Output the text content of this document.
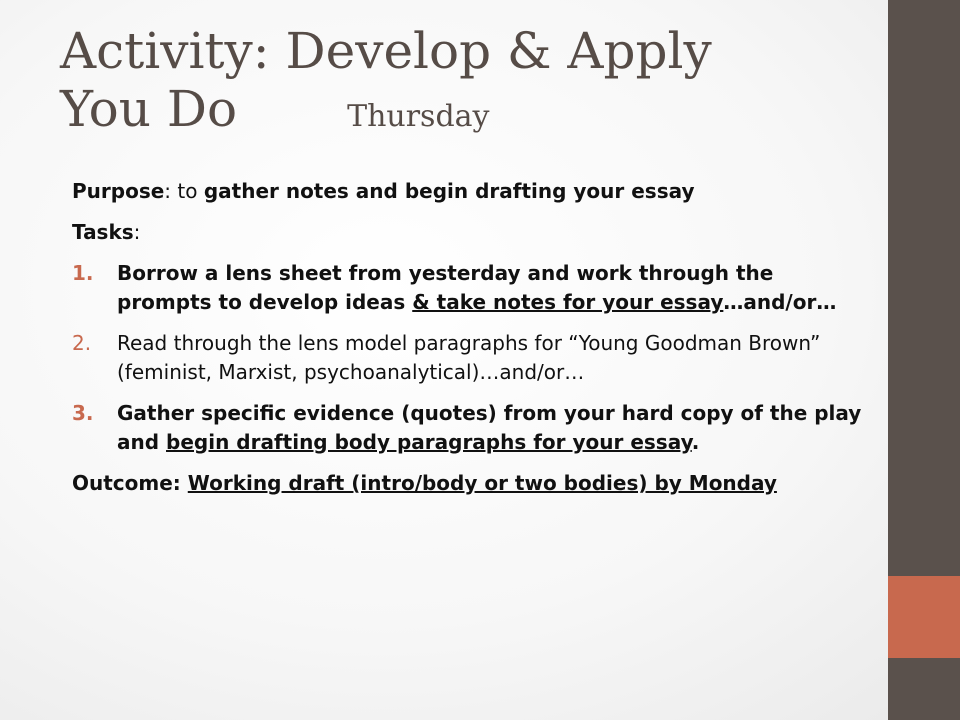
Activity: Develop & Apply
You Do	Thursday

Purpose: to gather notes and begin drafting your essay

Tasks:

1. Borrow a lens sheet from yesterday and work through the prompts to develop ideas & take notes for your essay…and/or…
2. Read through the lens model paragraphs for “Young Goodman Brown” (feminist, Marxist, psychoanalytical)…and/or…
3. Gather specific evidence (quotes) from your hard copy of the play and begin drafting body paragraphs for your essay.

Outcome: Working draft (intro/body or two bodies) by Monday
